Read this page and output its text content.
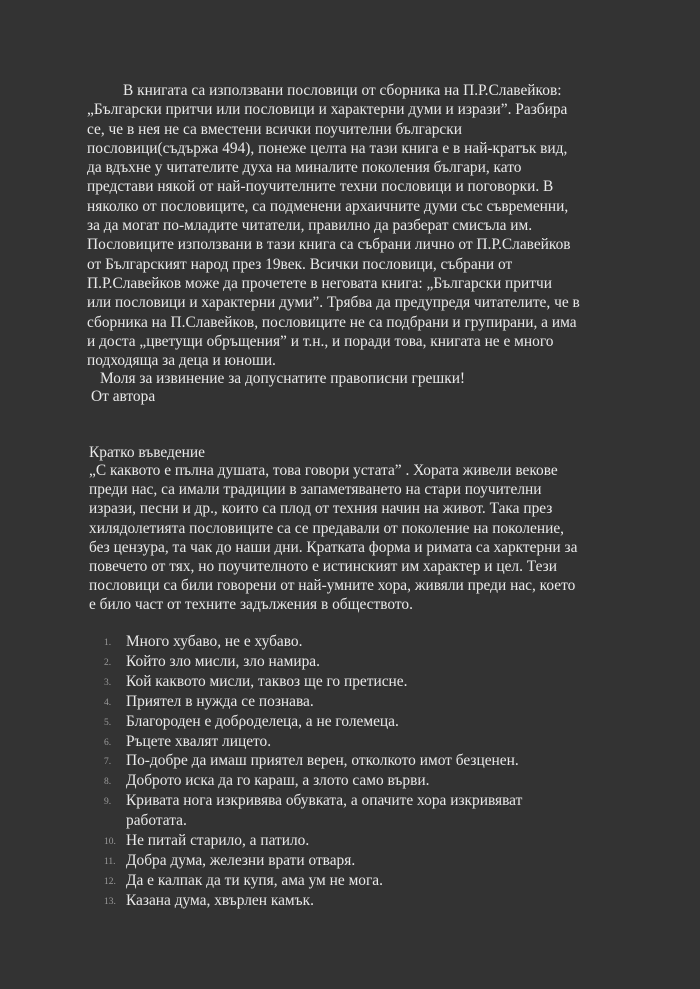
В книгата са използвани пословици от сборника на П.Р.Славейков:
„Български притчи или пословици и характерни думи и изрази”. Разбира
се, че в нея не са вместени всички поучителни български
пословици(съдържа 494), понеже целта на тази книга е в най-кратък вид,
да вдъхне у читателите духа на миналите поколения българи, като
представи някой от най-поучителните техни пословици и поговорки. В
няколко от пословиците, са подменени архаичните думи със съвременни,
за да могат по-младите читатели, правилно да разберат смисъла им.
Пословиците използвани в тази книга са събрани лично от П.Р.Славейков
от Българският народ през 19век. Всички пословици, събрани от
П.Р.Славейков може да прочетете в неговата книга: „Български притчи
или пословици и характерни думи”. Трябва да предупредя читателите, че в
сборника на П.Славейков, пословиците не са подбрани и групирани, а има
и доста „цветущи обръщения” и т.н., и поради това, книгата не е много
подходяща за деца и юноши.

Моля за извинение за допуснатите правописни грешки!

От автора

Кратко въведение

„С каквото е пълна душата, това говори устата” . Хората живели векове
преди нас, са имали традиции в запаметяването на стари поучителни
изрази, песни и др., които са плод от техния начин на живот. Така през
хилядолетията пословиците са се предавали от поколение на поколение,
без цензура, та чак до наши дни. Кратката форма и римата са харктерни за
повечето от тях, но поучителното е истинският им характер и цел. Тези
пословици са били говорени от най-умните хора, живяли преди нас, което
е било част от техните задължения в обществото.

1. Много хубаво, не е хубаво.
2. Който зло мисли, зло намира.
3. Кой каквото мисли, таквоз ще го претисне.
4. Приятел в нужда се познава.
5. Благороден е добροделеца, а не големеца.
6. Ръцете хвалят лицето.
7. По-добре да имаш приятел верен, отколкото имот безценен.
8. Доброто иска да го караш, а злото само върви.
9. Кривата нога изкривява обувката, а опачите хора изкривяват
работата.
10. Не питай старило, а патило.
11. Добра дума, железни врати отваря.
12. Да е калпак да ти купя, ама ум не мога.
13. Казана дума, хвърлен камък.
